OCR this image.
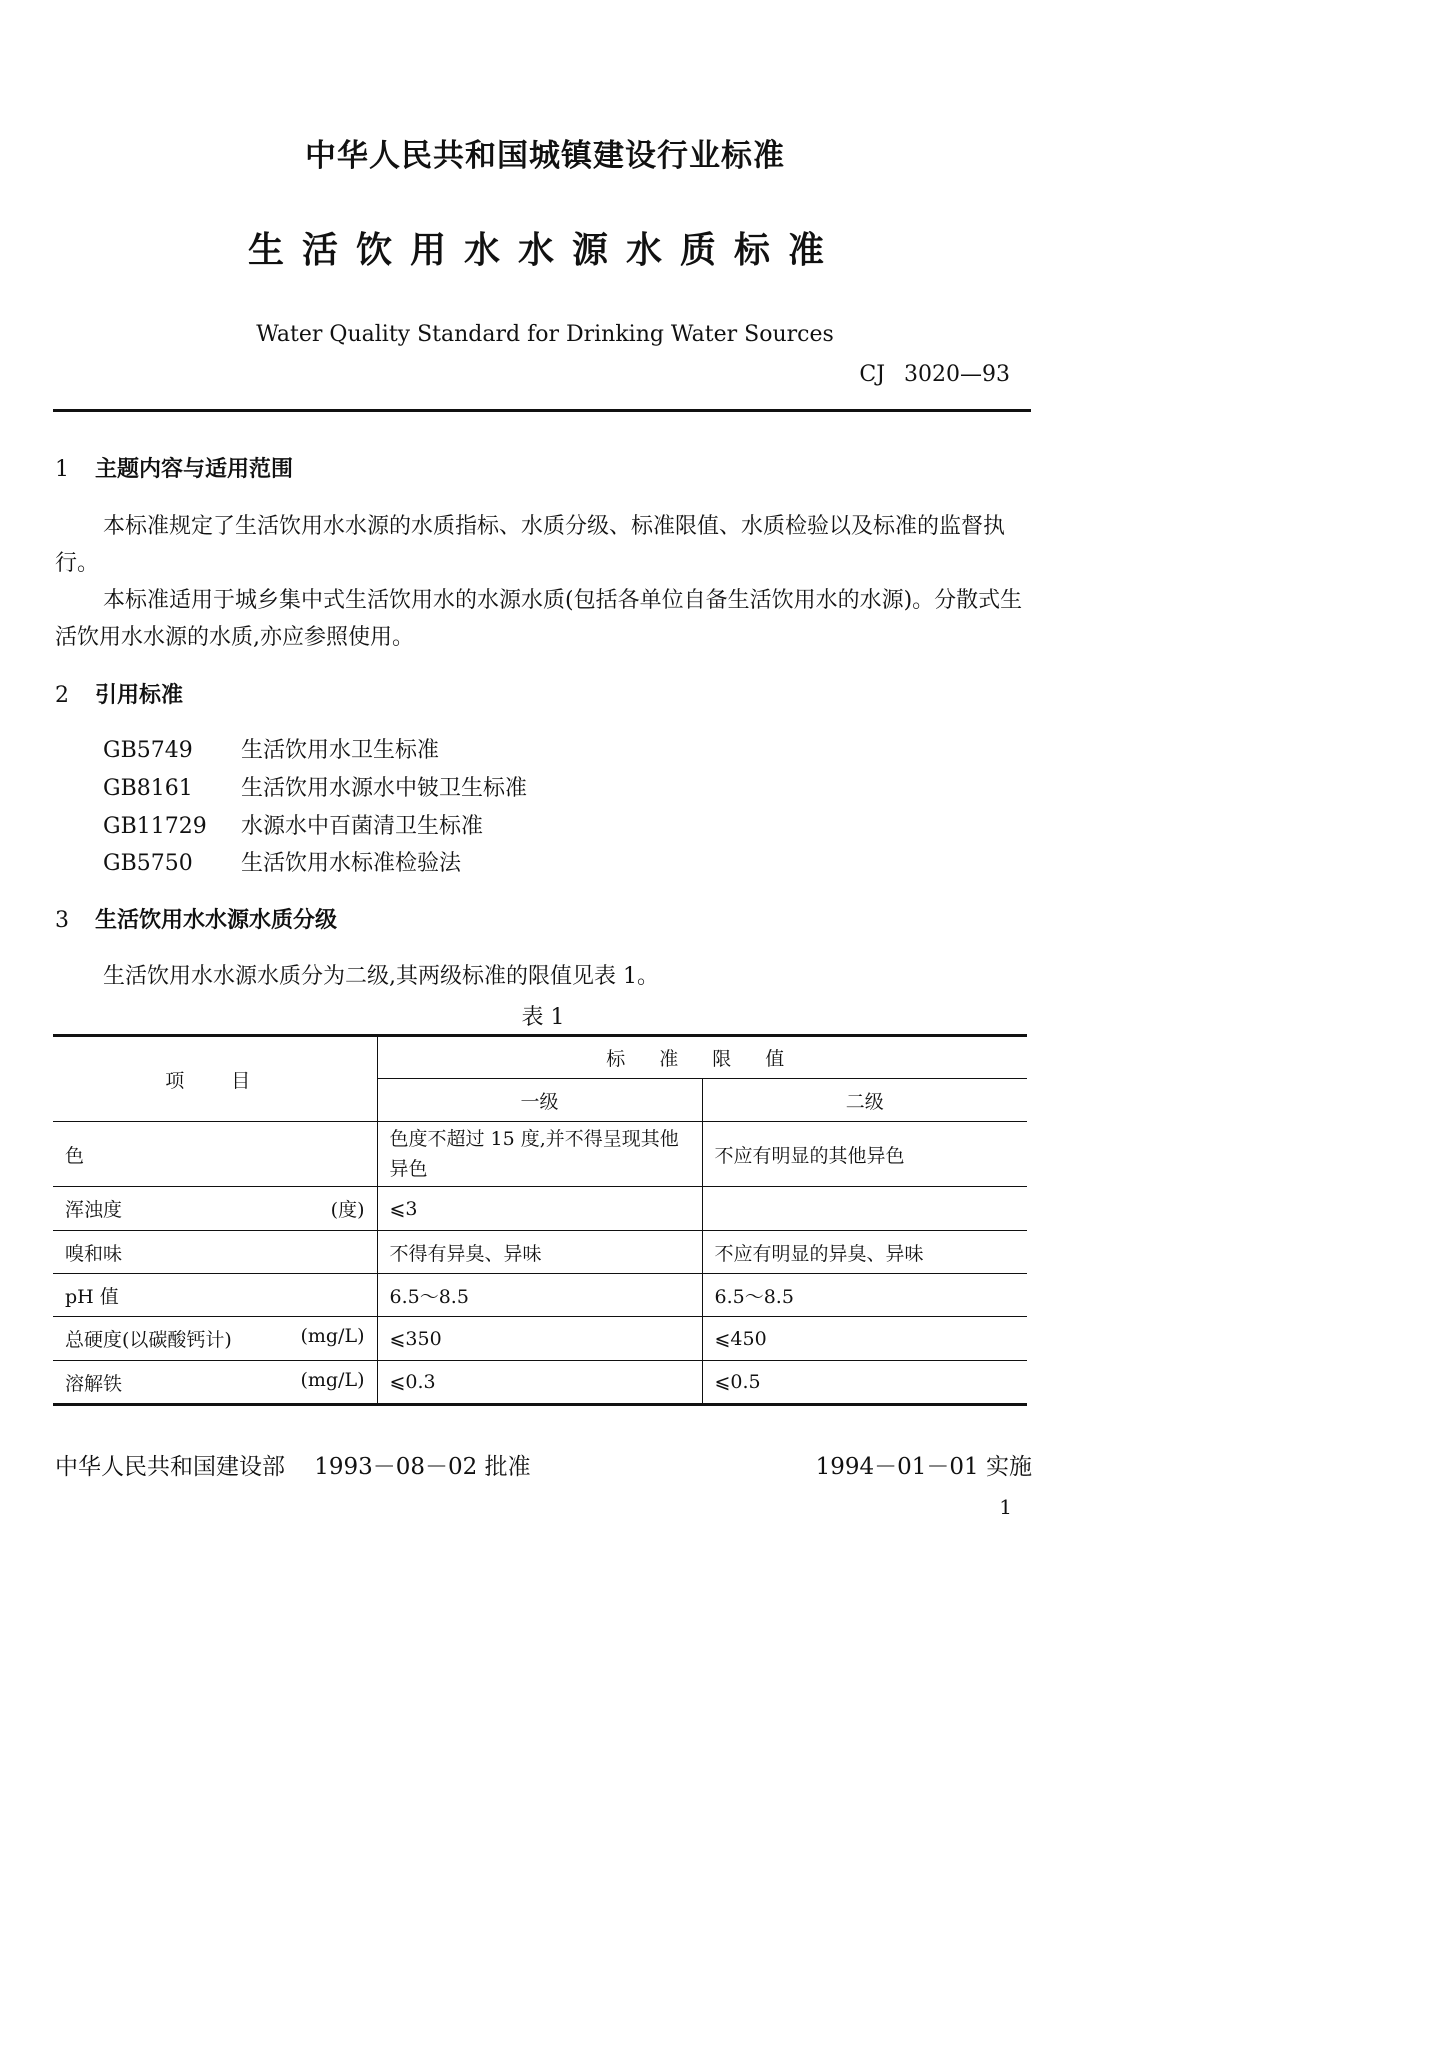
中华人民共和国城镇建设行业标准
生活饮用水水源水质标准
Water Quality Standard for Drinking Water Sources
CJ 3020—93
1 主题内容与适用范围
本标准规定了生活饮用水水源的水质指标、水质分级、标准限值、水质检验以及标准的监督执行。
本标准适用于城乡集中式生活饮用水的水源水质(包括各单位自备生活饮用水的水源)。分散式生活饮用水水源的水质,亦应参照使用。
2 引用标准
GB5749 生活饮用水卫生标准
GB8161 生活饮用水源水中铍卫生标准
GB11729 水源水中百菌清卫生标准
GB5750 生活饮用水标准检验法
3 生活饮用水水源水质分级
生活饮用水水源水质分为二级,其两级标准的限值见表 1。
表 1
项　目	标 准 限 值	
	一级	二级

色	色度不超过 15 度,并不得呈现其他异色	不应有明显的其他异色

浑浊度 (度)	⩽3	

嗅和味	不得有异臭、异味	不应有明显的异臭、异味

pH 值	6.5～8.5	6.5～8.5

总硬度(以碳酸钙计) (mg/L)	⩽350	⩽450

溶解铁 (mg/L)	⩽0.3	⩽0.5
中华人民共和国建设部 1993－08－02 批准	1994－01－01 实施
1
